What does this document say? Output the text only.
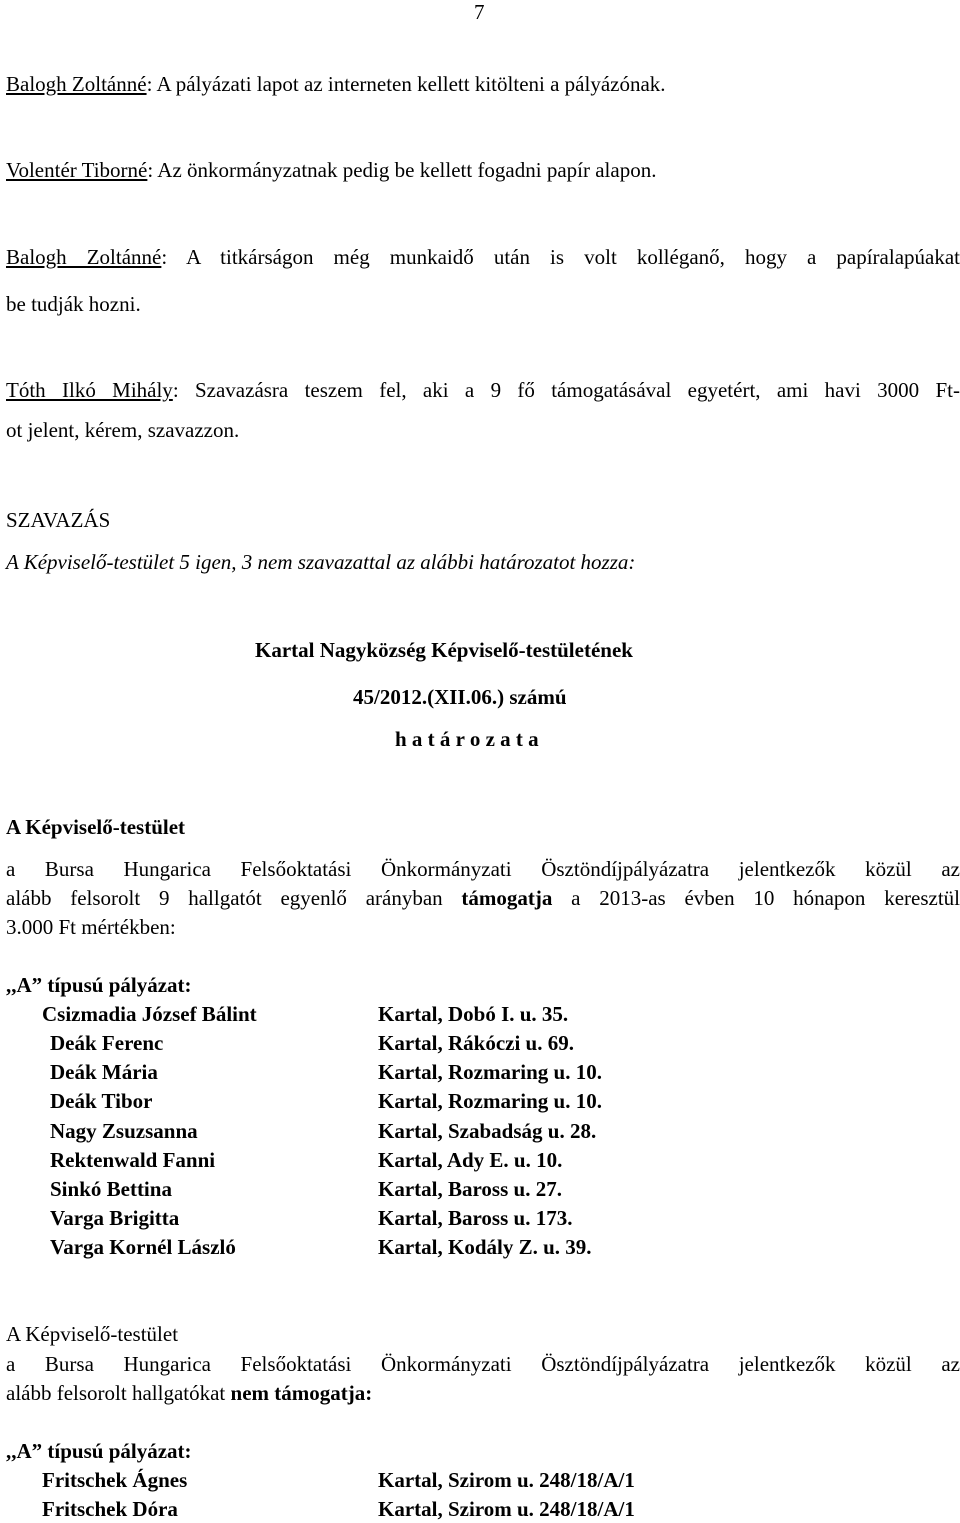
7
Balogh Zoltánné: A pályázati lapot az interneten kellett kitölteni a pályázónak.
Volentér Tiborné: Az önkormányzatnak pedig be kellett fogadni papír alapon.
Balogh Zoltánné: A titkárságon még munkaidő után is volt kolléganő, hogy a papíralapúakat
be tudják hozni.
Tóth Ilkó Mihály: Szavazásra teszem fel, aki a 9 fő támogatásával egyetért, ami havi 3000 Ft-
ot jelent, kérem, szavazzon.
SZAVAZÁS
A Képviselő-testület 5 igen, 3 nem szavazattal az alábbi határozatot hozza:
Kartal Nagyközség Képviselő-testületének
45/2012.(XII.06.) számú
h a t á r o z a t a
A Képviselő-testület
a Bursa Hungarica Felsőoktatási Önkormányzati Ösztöndíjpályázatra jelentkezők közül az
alább felsorolt 9 hallgatót egyenlő arányban támogatja a 2013-as évben 10 hónapon keresztül
3.000 Ft mértékben:
,,A” típusú pályázat:
Csizmadia József Bálint	Kartal, Dobó I. u. 35.
Deák Ferenc	Kartal, Rákóczi u. 69.
Deák Mária	Kartal, Rozmaring u. 10.
Deák Tibor	Kartal, Rozmaring u. 10.
Nagy Zsuzsanna	Kartal, Szabadság u. 28.
Rektenwald Fanni	Kartal, Ady E. u. 10.
Sinkó Bettina	Kartal, Baross u. 27.
Varga Brigitta	Kartal, Baross u. 173.
Varga Kornél László	Kartal, Kodály Z. u. 39.
A Képviselő-testület
a Bursa Hungarica Felsőoktatási Önkormányzati Ösztöndíjpályázatra jelentkezők közül az
alább felsorolt hallgatókat nem támogatja:
,,A” típusú pályázat:
Fritschek Ágnes	Kartal, Szirom u. 248/18/A/1
Fritschek Dóra	Kartal, Szirom u. 248/18/A/1
